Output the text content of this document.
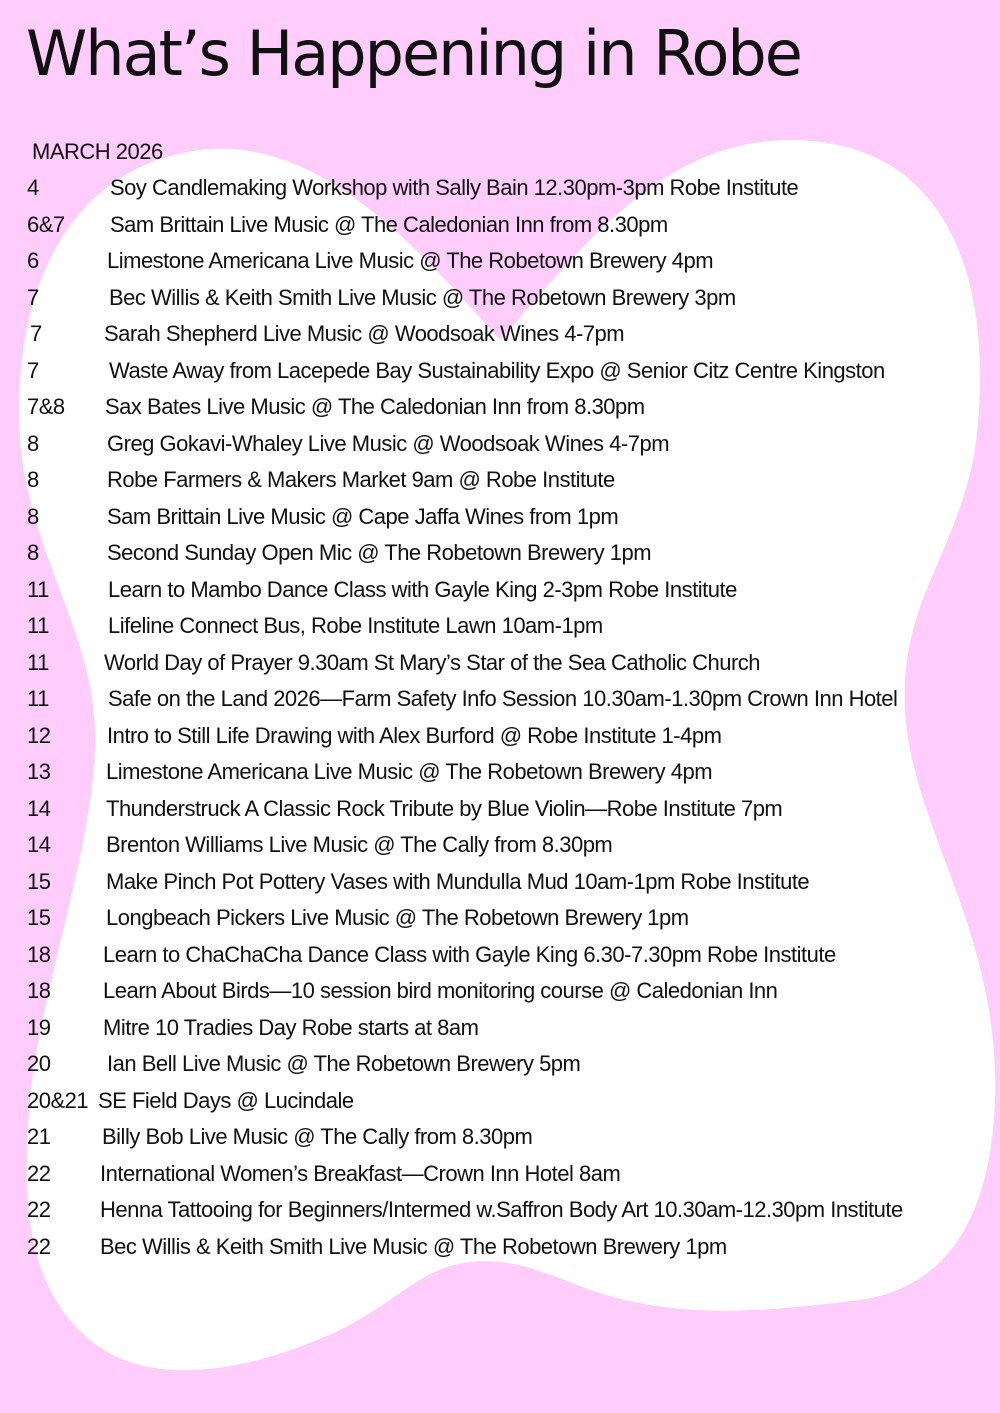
What’s Happening in Robe
MARCH 2026
4	Soy Candlemaking Workshop with Sally Bain 12.30pm-3pm Robe Institute
6&7 Sam Brittain Live Music @ The Caledonian Inn from 8.30pm
6	Limestone Americana Live Music @ The Robetown Brewery 4pm
7	Bec Willis & Keith Smith Live Music @ The Robetown Brewery 3pm
7	Sarah Shepherd Live Music @ Woodsoak Wines 4-7pm
7	Waste Away from Lacepede Bay Sustainability Expo @ Senior Citz Centre Kingston
7&8 Sax Bates Live Music @ The Caledonian Inn from 8.30pm
8	Greg Gokavi-Whaley Live Music @ Woodsoak Wines 4-7pm
8	Robe Farmers & Makers Market 9am @ Robe Institute
8	Sam Brittain Live Music @ Cape Jaffa Wines from 1pm
8	Second Sunday Open Mic @ The Robetown Brewery 1pm
11	Learn to Mambo Dance Class with Gayle King 2-3pm Robe Institute
11	Lifeline Connect Bus, Robe Institute Lawn 10am-1pm
11	World Day of Prayer 9.30am St Mary’s Star of the Sea Catholic Church
11	Safe on the Land 2026—Farm Safety Info Session 10.30am-1.30pm Crown Inn Hotel
12	Intro to Still Life Drawing with Alex Burford @ Robe Institute 1-4pm
13	Limestone Americana Live Music @ The Robetown Brewery 4pm
14	Thunderstruck A Classic Rock Tribute by Blue Violin—Robe Institute 7pm
14	Brenton Williams Live Music @ The Cally from 8.30pm
15	Make Pinch Pot Pottery Vases with Mundulla Mud 10am-1pm Robe Institute
15	Longbeach Pickers Live Music @ The Robetown Brewery 1pm
18 Learn to ChaChaCha Dance Class with Gayle King 6.30-7.30pm Robe Institute
18 Learn About Birds—10 session bird monitoring course @ Caledonian Inn
19 Mitre 10 Tradies Day Robe starts at 8am
20	Ian Bell Live Music @ The Robetown Brewery 5pm
20&21 SE Field Days @ Lucindale
21 Billy Bob Live Music @ The Cally from 8.30pm
22 International Women’s Breakfast—Crown Inn Hotel 8am
22 Henna Tattooing for Beginners/Intermed w.Saffron Body Art 10.30am-12.30pm Institute
22 Bec Willis & Keith Smith Live Music @ The Robetown Brewery 1pm
